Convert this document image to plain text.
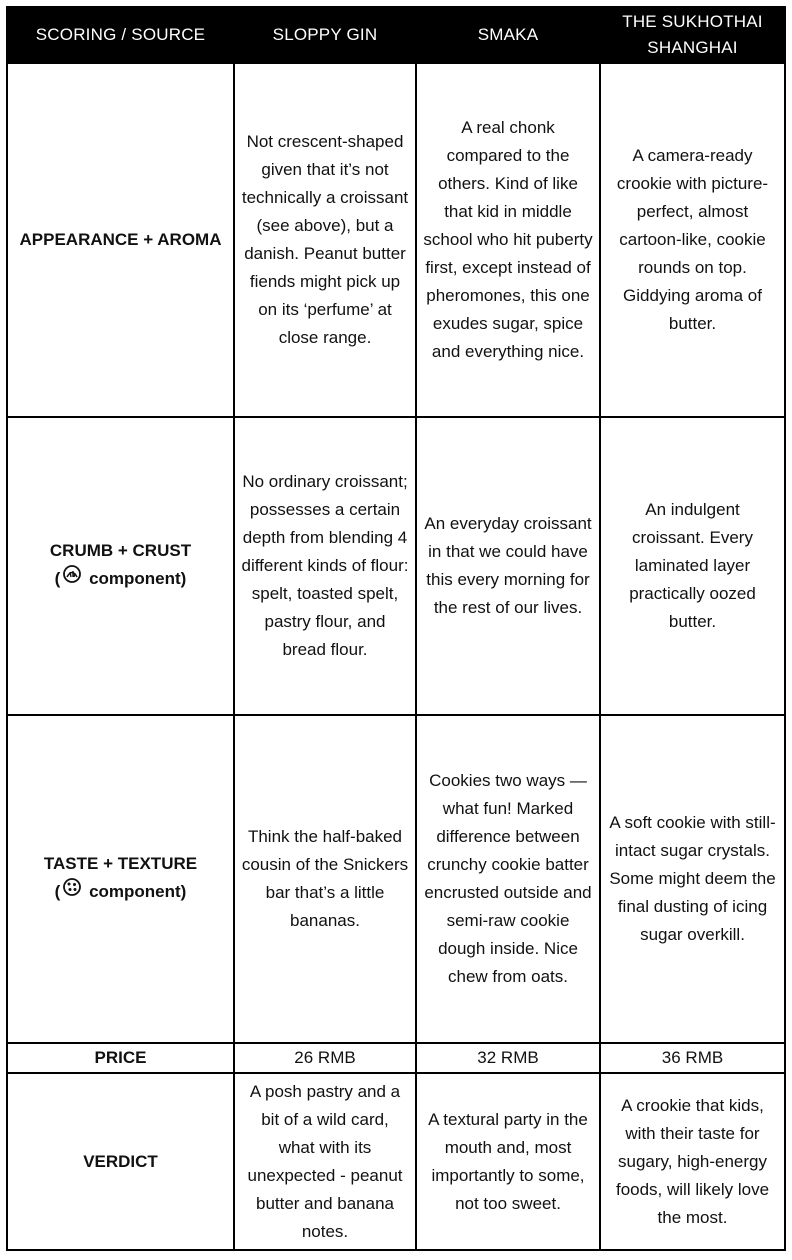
SCORING / SOURCE	SLOPPY GIN	SMAKA	THE SUKHOTHAI SHANGHAI
APPEARANCE + AROMA	Not crescent-shaped given that it’s not technically a croissant (see above), but a danish. Peanut butter fiends might pick up on its ‘perfume’ at close range.	A real chonk compared to the others. Kind of like that kid in middle school who hit puberty first, except instead of pheromones, this one exudes sugar, spice and everything nice.	A camera-ready crookie with picture-perfect, almost cartoon-like, cookie rounds on top. Giddying aroma of butter.

CRUMB + CRUST
( component)	No ordinary croissant; possesses a certain depth from blending 4 different kinds of flour: spelt, toasted spelt, pastry flour, and bread flour.	An everyday croissant in that we could have this every morning for the rest of our lives.	An indulgent croissant. Every laminated layer practically oozed butter.

TASTE + TEXTURE
( component)	Think the half-baked cousin of the Snickers bar that’s a little bananas.	Cookies two ways — what fun! Marked difference between crunchy cookie batter encrusted outside and semi-raw cookie dough inside. Nice chew from oats.	A soft cookie with still-intact sugar crystals. Some might deem the final dusting of icing sugar overkill.
PRICE	26 RMB	32 RMB	36 RMB
VERDICT	A posh pastry and a bit of a wild card, what with its unexpected - peanut butter and banana notes.	A textural party in the mouth and, most importantly to some, not too sweet.	A crookie that kids, with their taste for sugary, high-energy foods, will likely love the most.
